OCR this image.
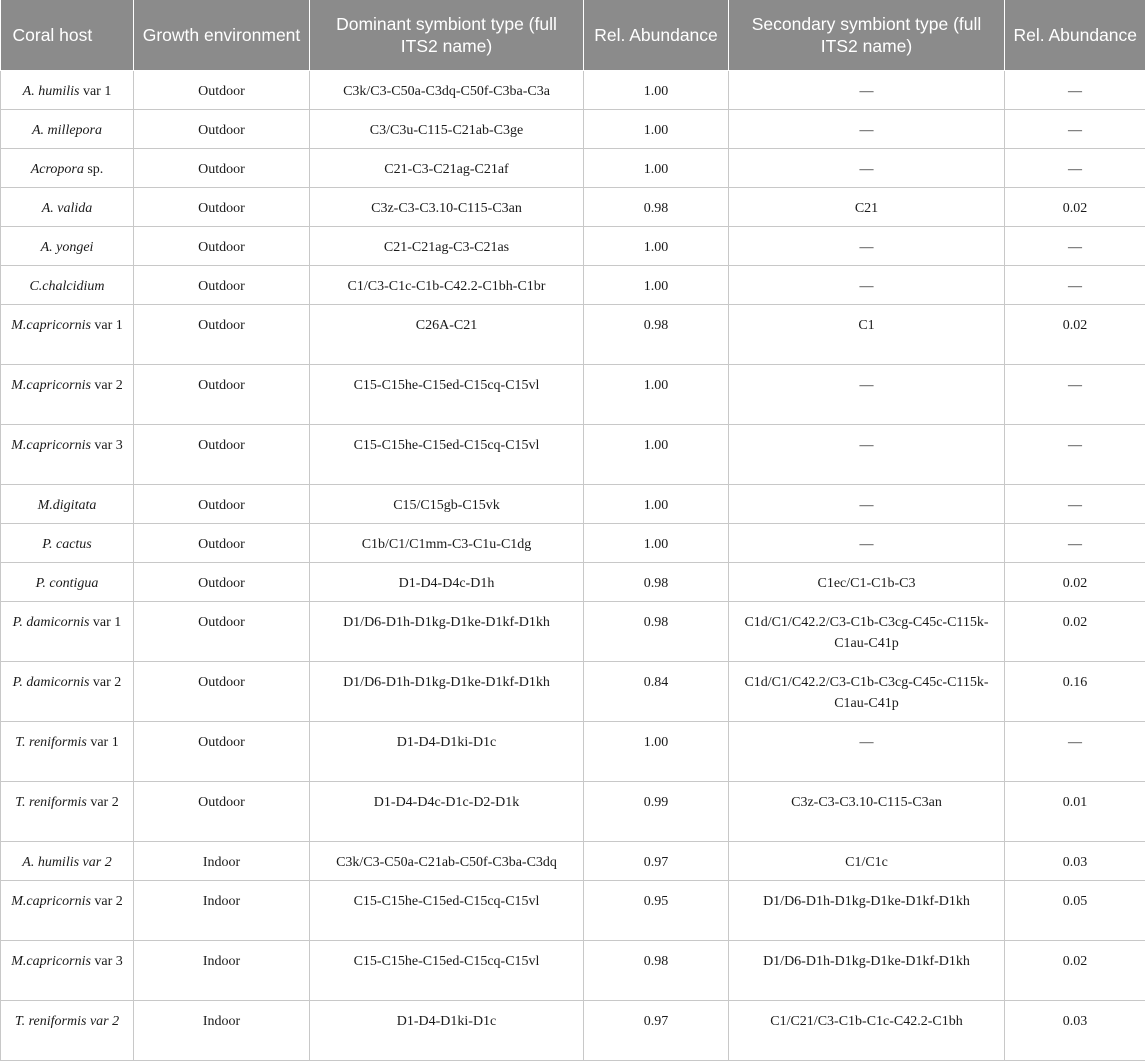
Coral host	Growth environment	Dominant symbiont type (full ITS2 name)	Rel. Abundance	Secondary symbiont type (full ITS2 name)	Rel. Abundance
A. humilis var 1	Outdoor	C3k/C3-C50a-C3dq-C50f-C3ba-C3a	1.00	—	—
A. millepora	Outdoor	C3/C3u-C115-C21ab-C3ge	1.00	—	—
Acropora sp.	Outdoor	C21-C3-C21ag-C21af	1.00	—	—
A. valida	Outdoor	C3z-C3-C3.10-C115-C3an	0.98	C21	0.02
A. yongei	Outdoor	C21-C21ag-C3-C21as	1.00	—	—
C.chalcidium	Outdoor	C1/C3-C1c-C1b-C42.2-C1bh-C1br	1.00	—	—
M.capricornis var 1	Outdoor	C26A-C21	0.98	C1	0.02
M.capricornis var 2	Outdoor	C15-C15he-C15ed-C15cq-C15vl	1.00	—	—
M.capricornis var 3	Outdoor	C15-C15he-C15ed-C15cq-C15vl	1.00	—	—
M.digitata	Outdoor	C15/C15gb-C15vk	1.00	—	—
P. cactus	Outdoor	C1b/C1/C1mm-C3-C1u-C1dg	1.00	—	—
P. contigua	Outdoor	D1-D4-D4c-D1h	0.98	C1ec/C1-C1b-C3	0.02
P. damicornis var 1	Outdoor	D1/D6-D1h-D1kg-D1ke-D1kf-D1kh	0.98	C1d/C1/C42.2/C3-C1b-C3cg-C45c-C115k-C1au-C41p	0.02
P. damicornis var 2	Outdoor	D1/D6-D1h-D1kg-D1ke-D1kf-D1kh	0.84	C1d/C1/C42.2/C3-C1b-C3cg-C45c-C115k-C1au-C41p	0.16
T. reniformis var 1	Outdoor	D1-D4-D1ki-D1c	1.00	—	—
T. reniformis var 2	Outdoor	D1-D4-D4c-D1c-D2-D1k	0.99	C3z-C3-C3.10-C115-C3an	0.01
A. humilis var 2	Indoor	C3k/C3-C50a-C21ab-C50f-C3ba-C3dq	0.97	C1/C1c	0.03
M.capricornis var 2	Indoor	C15-C15he-C15ed-C15cq-C15vl	0.95	D1/D6-D1h-D1kg-D1ke-D1kf-D1kh	0.05
M.capricornis var 3	Indoor	C15-C15he-C15ed-C15cq-C15vl	0.98	D1/D6-D1h-D1kg-D1ke-D1kf-D1kh	0.02
T. reniformis var 2	Indoor	D1-D4-D1ki-D1c	0.97	C1/C21/C3-C1b-C1c-C42.2-C1bh	0.03
